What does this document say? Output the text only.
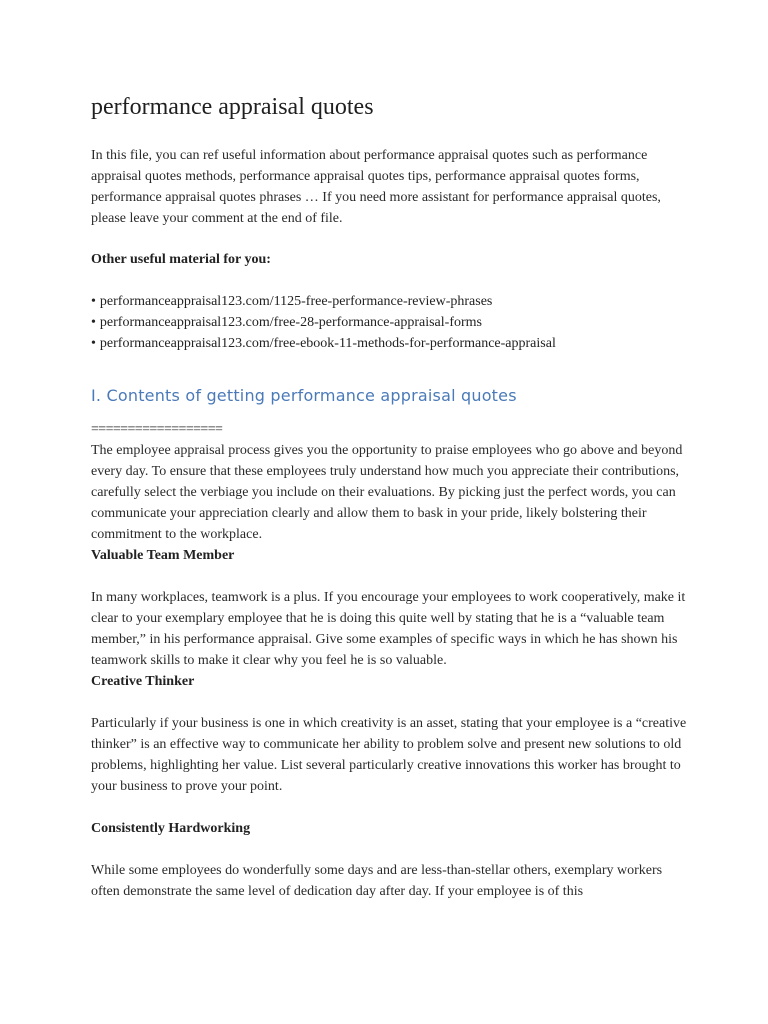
performance appraisal quotes

In this file, you can ref useful information about performance appraisal quotes such as performance appraisal quotes methods, performance appraisal quotes tips, performance appraisal quotes forms, performance appraisal quotes phrases … If you need more assistant for performance appraisal quotes, please leave your comment at the end of file.

Other useful material for you:

• performanceappraisal123.com/1125-free-performance-review-phrases
• performanceappraisal123.com/free-28-performance-appraisal-forms
• performanceappraisal123.com/free-ebook-11-methods-for-performance-appraisal
I. Contents of getting performance appraisal quotes

==================

The employee appraisal process gives you the opportunity to praise employees who go above and beyond every day. To ensure that these employees truly understand how much you appreciate their contributions, carefully select the verbiage you include on their evaluations. By picking just the perfect words, you can communicate your appreciation clearly and allow them to bask in your pride, likely bolstering their commitment to the workplace.

Valuable Team Member

In many workplaces, teamwork is a plus. If you encourage your employees to work cooperatively, make it clear to your exemplary employee that he is doing this quite well by stating that he is a “valuable team member,” in his performance appraisal. Give some examples of specific ways in which he has shown his teamwork skills to make it clear why you feel he is so valuable.

Creative Thinker

Particularly if your business is one in which creativity is an asset, stating that your employee is a “creative thinker” is an effective way to communicate her ability to problem solve and present new solutions to old problems, highlighting her value. List several particularly creative innovations this worker has brought to your business to prove your point.

Consistently Hardworking

While some employees do wonderfully some days and are less-than-stellar others, exemplary workers often demonstrate the same level of dedication day after day. If your employee is of this
